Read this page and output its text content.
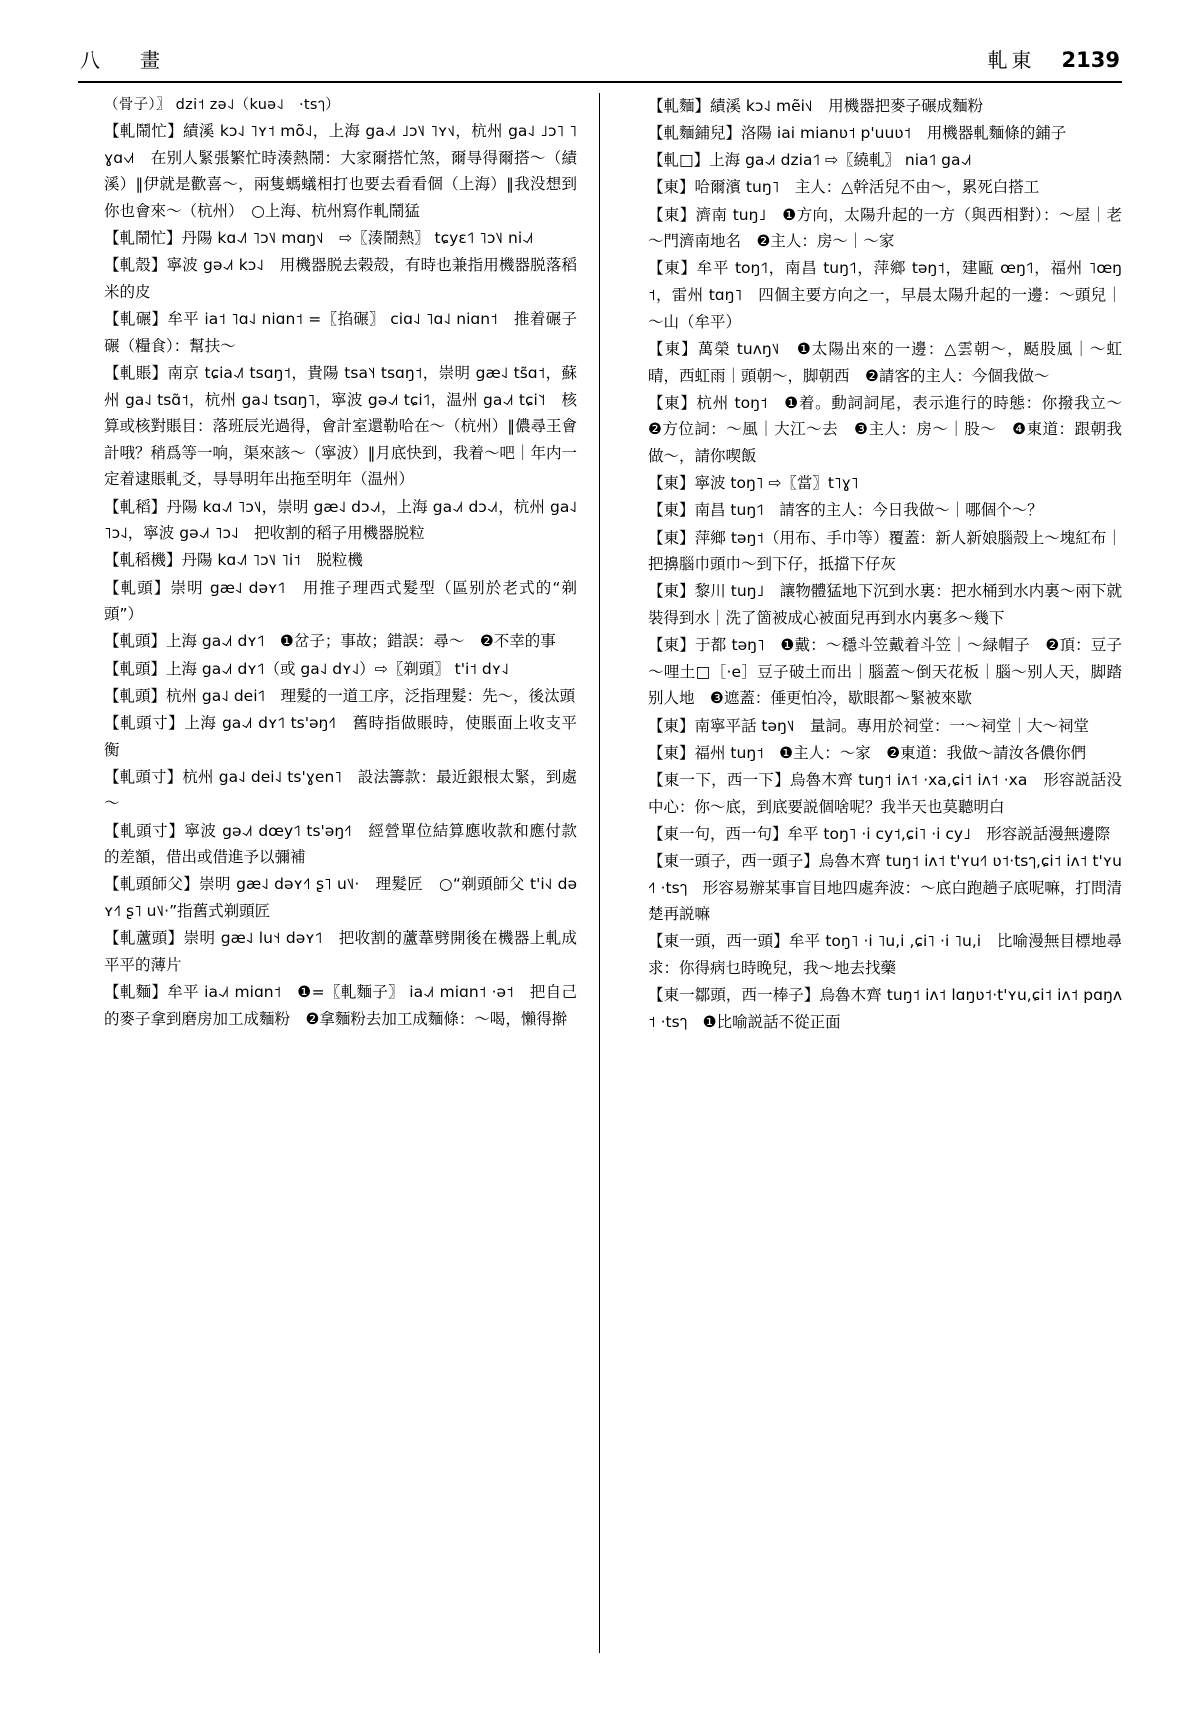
八　畫	軋東 2139

（骨子）〗 dzi˦ zə˨˩（kuə˨˩　·tsๅ）

【軋鬧忙】績溪 kɔ˨˩ ˥ʏ˦ mõ˨˩，上海 ga˨˩˦ ˩ɔ˥˩ ˥ʏ˦˩，杭州 ga˨˩ ˩ɔ˥ ˥ɣɑ˧˩˦　在别人緊張繁忙時湊熱鬧：大家爾搭忙煞，爾㝵得爾搭～（績溪）‖伊就是歡喜～，兩隻螞蟻相打也要去看看個（上海）‖我没想到你也會來～（杭州）　○上海、杭州寫作軋鬧猛

【軋鬧忙】丹陽 kɑ˨˩˥ ˥ɔ˥˩ mɑŋ˦˩　⇨〖湊鬧熱〗 tɕyɛ˦˥ ˥ɔ˥˩ ni˨˩˦

【軋殼】寧波 gə˨˩˦ kɔ˨˩　用機器脱去榖殻，有時也兼指用機器脱落稻米的皮

【軋碾】牟平 ia˦ ˥ɑ˨˩ niɑn˦ =〖掐碾〗 ciɑ˨˩ ˥ɑ˨˩ niɑn˦　推着碾子碾（糧食）：幫扶～

【軋賬】南京 tɕia˨˩˥ tsɑŋ˦，貴陽 tsa˥˧ tsɑŋ˦，崇明 gæ˨˩ ts̃ɑ˦，蘇州 ga˨˩ tsɑ̃˦，杭州 ga˨˩ tsɑŋ˥，寧波 gə˨˩˦ tɕi˦˥，温州 ga˨˩˦ tɕi˥˦　核算或核對賬目：落班辰光過得，會計室還勒哈在～（杭州）‖儂尋王會計哦？稍爲等一响，渠來該～（寧波）‖月底快到，我着～吧｜年内一定着逮賬軋爻，㝵㝵明年出拖至明年（温州）

【軋稻】丹陽 kɑ˨˩˥ ˥ɔ˥˩，崇明 gæ˨˩ dɔ˨˩˦，上海 ga˨˩˦ dɔ˨˩˦，杭州 ga˨˩ ˥ɔ˨˩，寧波 gə˨˩˦ ˥ɔ˨˩　把收割的稻子用機器脱粒

【軋稻機】丹陽 kɑ˨˩˥ ˥ɔ˥˩ ˥i˦　脱粒機

【軋頭】崇明 gæ˨˩ dəʏ˦˥　用推子理西式髮型（區别於老式的“剃頭”）

【軋頭】上海 ga˨˩˦ dʏ˦˥　❶岔子；事故；錯誤：尋～　❷不幸的事

【軋頭】上海 ga˨˩˦ dʏ˦˥（或 ga˨˩ dʏ˨˩）⇨〖剃頭〗 t'i˦ dʏ˨˩

【軋頭】杭州 ga˨˩ dei˦˥　理髮的一道工序，泛指理髮：先～，後汰頭

【軋頭寸】上海 ga˨˩˦ dʏ˦˥ ts'əŋ˧˥　舊時指做賬時，使賬面上收支平衡

【軋頭寸】杭州 ga˨˩ dei˨˩ ts'ɣen˥　設法籌款：最近銀根太緊，到處～

【軋頭寸】寧波 gə˨˩˦ dœy˦˥ ts'əŋ˧˥　經營單位結算應收款和應付款的差額，借出或借進予以彌補

【軋頭師父】崇明 gæ˨˩ dəʏ˧˥ ʂ˥ u˥˩·　理髮匠　○“剃頭師父 t'i˧˩ dəʏ˧˥ ʂ˥ u˥˩·”指舊式剃頭匠

【軋蘆頭】崇明 gæ˨˩ lu˦˧ dəʏ˦˥　把收割的蘆葦劈開後在機器上軋成平平的薄片

【軋麵】牟平 ia˨˩˦ miɑn˦　❶=〖軋麵子〗 ia˨˩˦ miɑn˦ ·ə˦　把自己的麥子拿到磨房加工成麵粉　❷拿麵粉去加工成麵條：～喝，懶得擀

【軋麵】績溪 kɔ˨˩ mẽi˦˩　用機器把麥子碾成麵粉

【軋麵鋪兒】洛陽 iai mianʋ˦ p'uuʋ˦　用機器軋麵條的鋪子

【軋□】上海 ga˨˩˦ dzia˦˥ ⇨〖繞軋〗 nia˦˥ ga˨˩˦

【東】哈爾濱 tuŋ˥　主人：△幹活兒不由～，累死白搭工

【東】濟南 tuŋ˩　❶方向，太陽升起的一方（與西相對）：～屋｜老～門濟南地名　❷主人：房～｜～家

【東】牟平 toŋ˦˥，南昌 tuŋ˦˥，萍鄉 təŋ˦，建甌 œŋ˦˥，福州 ˥œŋ˦，雷州 tɑŋ˥　四個主要方向之一，早晨太陽升起的一邊：～頭兒｜～山（牟平）

【東】萬榮 tuʌŋ˥˩　❶太陽出來的一邊：△雲朝～，颳股風｜～虹晴，西虹雨｜頭朝～，脚朝西　❷請客的主人：今個我做～

【東】杭州 toŋ˦　❶着。動詞詞尾，表示進行的時態：你撥我立～　❷方位詞：～風｜大江～去　❸主人：房～｜股～　❹東道：跟朝我做～，請你喫飯

【東】寧波 toŋ˥ ⇨〖當〗t˥ɣ˥

【東】南昌 tuŋ˦˥　請客的主人：今日我做～｜哪個个～？

【東】萍鄉 təŋ˦（用布、手巾等）覆蓋：新人新娘腦殻上～塊紅布｜把擤腦巾頭巾～到下仔，抵擋下仔灰

【東】黎川 tuŋ˩　讓物體猛地下沉到水裏：把水桶到水内裏～兩下就裝得到水｜洗了箇被成心被面兒再到水内裏多～幾下

【東】于都 təŋ˥　❶戴：～穩斗笠戴着斗笠｜～緑帽子　❷頂：豆子～哩土□［·e］豆子破土而出｜腦蓋～倒天花板｜腦～别人天，脚踏别人地　❸遮蓋：倕更怕冷，歇眼都～緊被來歇

【東】南寧平話 təŋ˥˩　量詞。專用於祠堂：一～祠堂｜大～祠堂

【東】福州 tuŋ˦　❶主人：～家　❷東道：我做～請汝各儂你們

【東一下，西一下】烏魯木齊 tuŋ˦ iʌ˦ ·xa,ɕi˦ iʌ˦ ·xa　形容説話没中心：你～底，到底要説個啥呢？我半天也莫聽明白

【東一句，西一句】牟平 toŋ˥ ·i cy˦,ɕi˥ ·i cy˩　形容説話漫無邊際

【東一頭子，西一頭子】烏魯木齊 tuŋ˦ iʌ˦ t'ʏu˧˥ ʋ˦·tsๅ,ɕi˦ iʌ˦ t'ʏu˧˥ ·tsๅ　形容易辦某事盲目地四處奔波：～底白跑趟子底呢嘛，打問清楚再説嘛

【東一頭，西一頭】牟平 toŋ˥ ·i ˥u,i ,ɕi˥ ·i ˥u,i　比喻漫無目標地尋求：你得病乜時晚兒，我～地去找藥

【東一鄒頭，西一棒子】烏魯木齊 tuŋ˦ iʌ˦ lɑŋʋ˦·t'ʏu,ɕi˦ iʌ˦ pɑŋʌ˦ ·tsๅ　❶比喻説話不從正面
